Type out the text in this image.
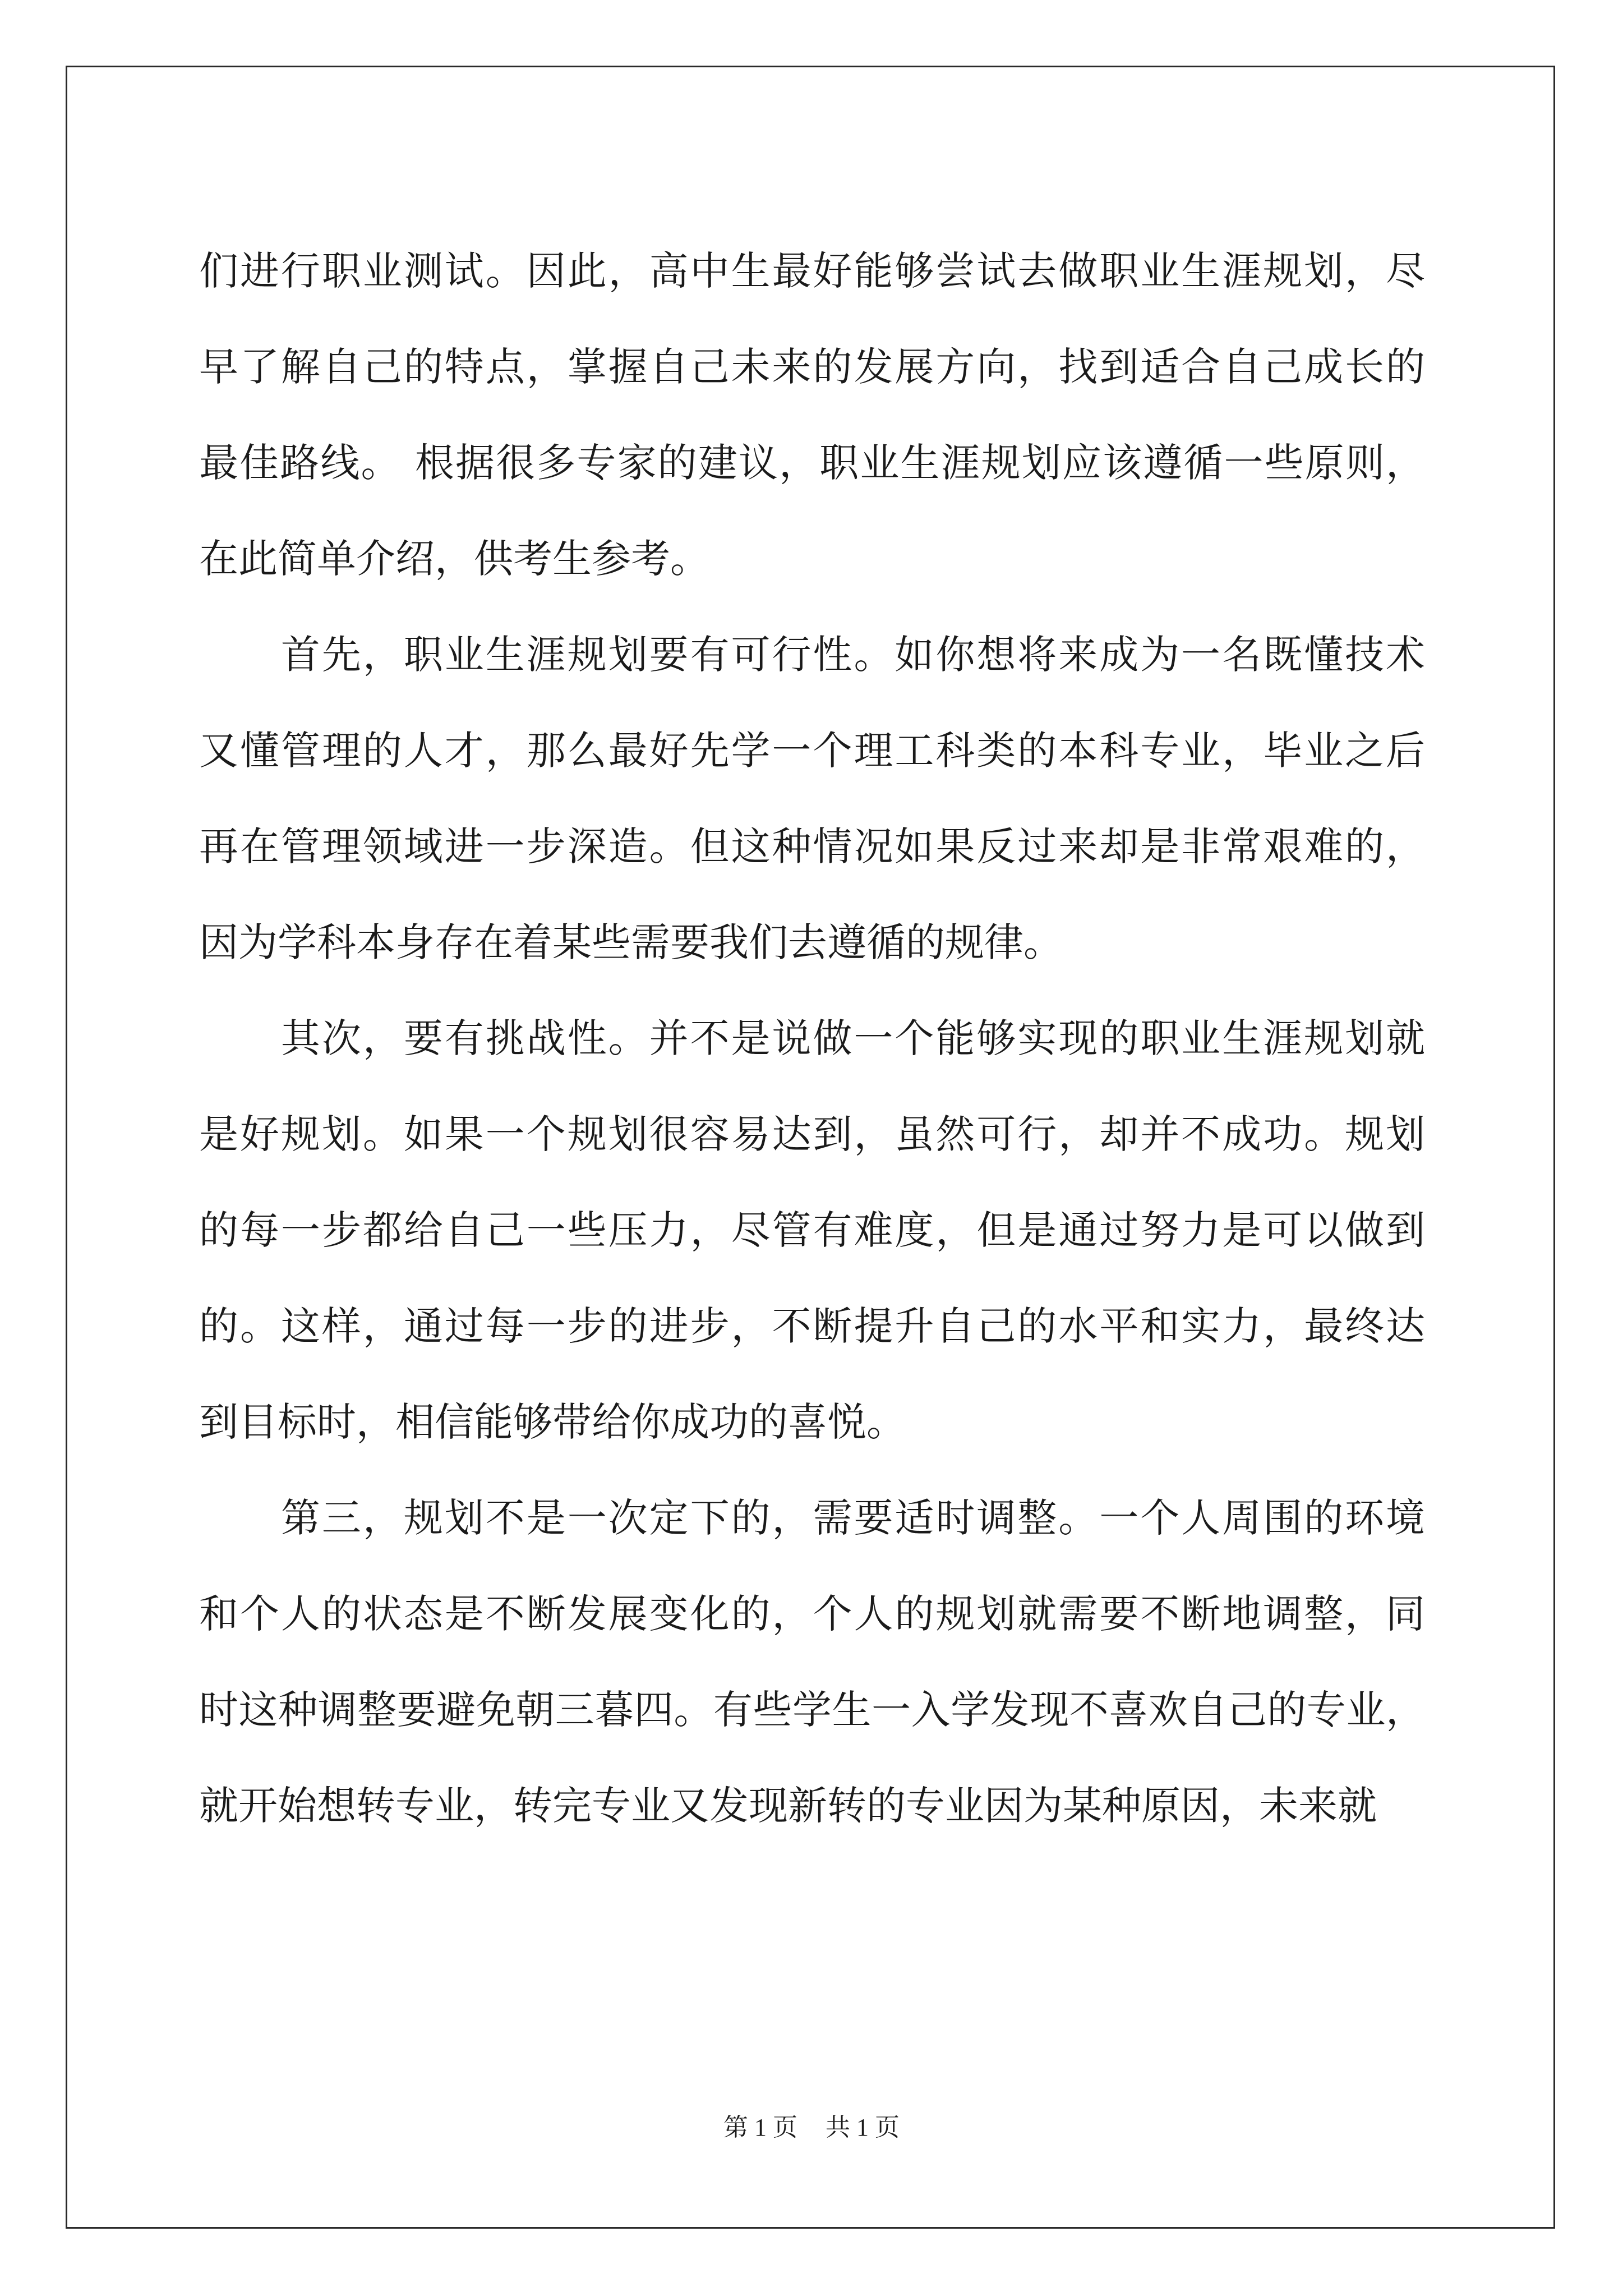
们进行职业测试。因此，高中生最好能够尝试去做职业生涯规划，尽
早了解自己的特点，掌握自己未来的发展方向，找到适合自己成长的
最佳路线。 根据很多专家的建议，职业生涯规划应该遵循一些原则，
在此简单介绍，供考生参考。
　　首先，职业生涯规划要有可行性。如你想将来成为一名既懂技术
又懂管理的人才，那么最好先学一个理工科类的本科专业，毕业之后
再在管理领域进一步深造。但这种情况如果反过来却是非常艰难的，
因为学科本身存在着某些需要我们去遵循的规律。
　　其次，要有挑战性。并不是说做一个能够实现的职业生涯规划就
是好规划。如果一个规划很容易达到，虽然可行，却并不成功。规划
的每一步都给自己一些压力，尽管有难度，但是通过努力是可以做到
的。这样，通过每一步的进步，不断提升自己的水平和实力，最终达
到目标时，相信能够带给你成功的喜悦。
　　第三，规划不是一次定下的，需要适时调整。一个人周围的环境
和个人的状态是不断发展变化的，个人的规划就需要不断地调整，同
时这种调整要避免朝三暮四。有些学生一入学发现不喜欢自己的专业，
就开始想转专业，转完专业又发现新转的专业因为某种原因，未来就
第 1 页 共 1 页
